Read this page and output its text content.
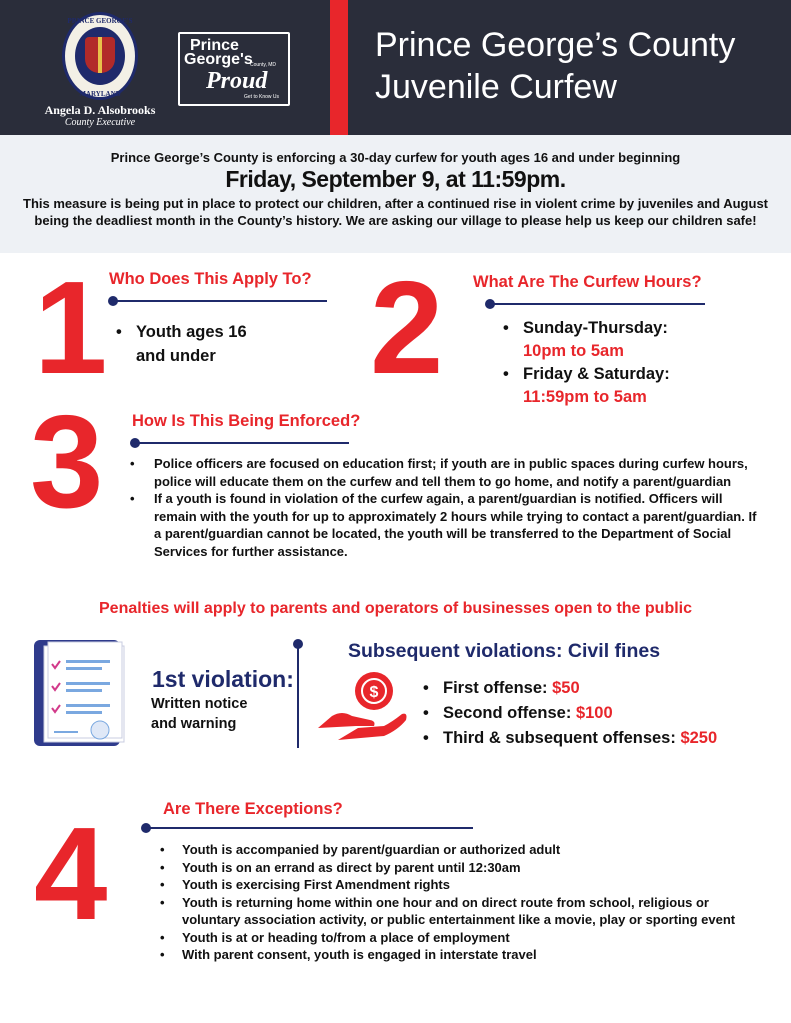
PRINCE GEORGE'S
MARYLAND
Angela D. Alsobrooks
County Executive
Prince
George's
County, MD
Proud
Get to Know Us
Prince George’s County
Juvenile Curfew
Prince George’s County is enforcing a 30-day curfew for youth ages 16 and under beginning
Friday, September 9, at 11:59pm.
This measure is being put in place to protect our children, after a continued rise in violent crime by juveniles and August being the deadliest month in the County’s history. We are asking our village to please help us keep our children safe!
1 Who Does This Apply To?
• Youth ages 16
and under 2 What Are The Curfew Hours?
• Sunday-Thursday:
10pm to 5am
• Friday & Saturday:
11:59pm to 5am
3 How Is This Being Enforced?
• Police officers are focused on education first; if youth are in public spaces during curfew hours, police will educate them on the curfew and tell them to go home, and notify a parent/guardian
• If a youth is found in violation of the curfew again, a parent/guardian is notified. Officers will remain with the youth for up to approximately 2 hours while trying to contact a parent/guardian. If a parent/guardian cannot be located, the youth will be transferred to the Department of Social Services for further assistance.
Penalties will apply to parents and operators of businesses open to the public
1st violation:
Written notice
and warning
Subsequent violations: Civil fines
$
•	First offense: $50
• Second offense: $100
• Third & subsequent offenses: $250
4	Are There Exceptions?
• Youth is accompanied by parent/guardian or authorized adult
• Youth is on an errand as direct by parent until 12:30am
• Youth is exercising First Amendment rights
• Youth is returning home within one hour and on direct route from school, religious or voluntary association activity, or public entertainment like a movie, play or sporting event
• Youth is at or heading to/from a place of employment
• With parent consent, youth is engaged in interstate travel
